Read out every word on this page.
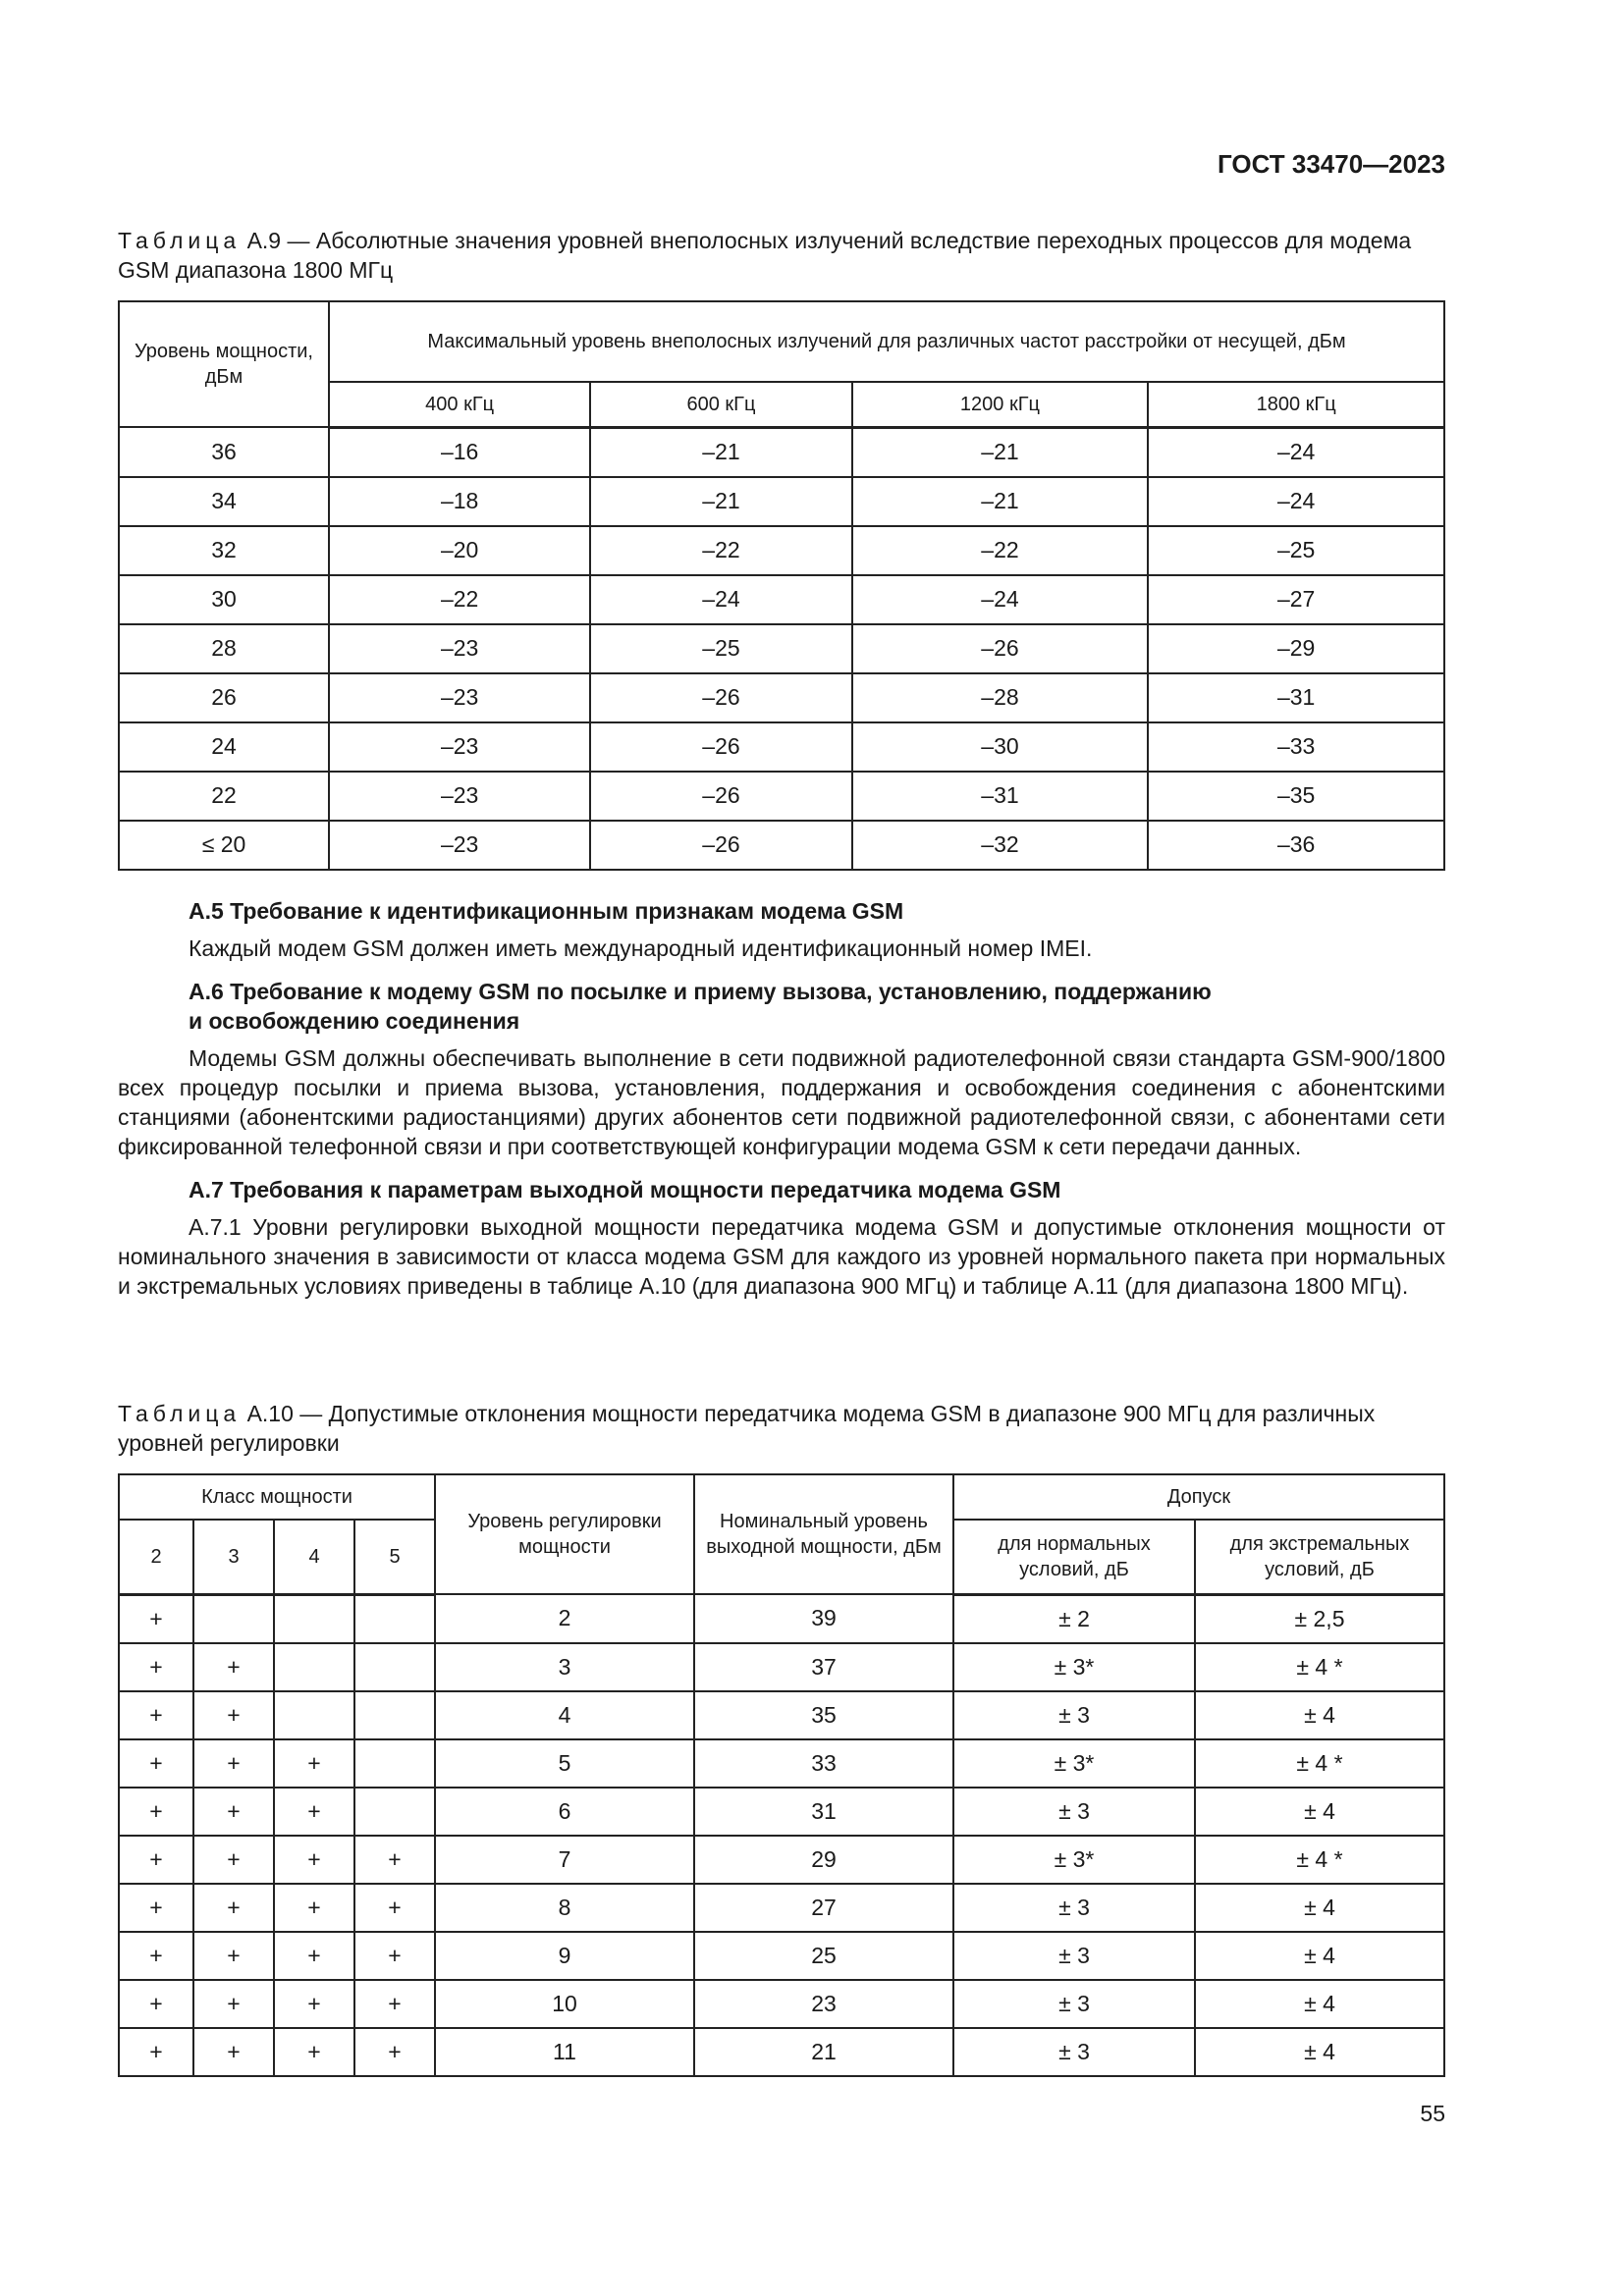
ГОСТ 33470—2023

Таблица А.9 — Абсолютные значения уровней внеполосных излучений вследствие переходных процессов для модема GSM диапазона 1800 МГц

Уровень мощности, дБм	Максимальный уровень внеполосных излучений для различных частот расстройки от несущей, дБм			
	400 кГц	600 кГц	1200 кГц	1800 кГц
36	–16	–21	–21	–24
34	–18	–21	–21	–24
32	–20	–22	–22	–25
30	–22	–24	–24	–27
28	–23	–25	–26	–29
26	–23	–26	–28	–31
24	–23	–26	–30	–33
22	–23	–26	–31	–35
≤ 20	–23	–26	–32	–36

А.5 Требование к идентификационным признакам модема GSM

Каждый модем GSM должен иметь международный идентификационный номер IMEI.

А.6 Требование к модему GSM по посылке и приему вызова, установлению, поддержанию

и освобождению соединения

Модемы GSM должны обеспечивать выполнение в сети подвижной радиотелефонной связи стандарта GSM-900/1800 всех процедур посылки и приема вызова, установления, поддержания и освобождения соединения с абонентскими станциями (абонентскими радиостанциями) других абонентов сети подвижной радиотелефонной связи, с абонентами сети фиксированной телефонной связи и при соответствующей конфигурации модема GSM к сети передачи данных.

А.7 Требования к параметрам выходной мощности передатчика модема GSM

А.7.1 Уровни регулировки выходной мощности передатчика модема GSM и допустимые отклонения мощности от номинального значения в зависимости от класса модема GSM для каждого из уровней нормального пакета при нормальных и экстремальных условиях приведены в таблице А.10 (для диапазона 900 МГц) и таблице А.11 (для диапазона 1800 МГц).

Таблица А.10 — Допустимые отклонения мощности передатчика модема GSM в диапазоне 900 МГц для различных уровней регулировки

Класс мощности				Уровень регулировки мощности	Номинальный уровень выходной мощности, дБм	Допуск	
2	3	4	5			для нормальных условий, дБ	для экстремальных условий, дБ
+				2	39	± 2	± 2,5
+	+			3	37	± 3*	± 4 *
+	+			4	35	± 3	± 4
+	+	+		5	33	± 3*	± 4 *
+	+	+		6	31	± 3	± 4
+	+	+	+	7	29	± 3*	± 4 *
+	+	+	+	8	27	± 3	± 4
+	+	+	+	9	25	± 3	± 4
+	+	+	+	10	23	± 3	± 4
+	+	+	+	11	21	± 3	± 4
55
